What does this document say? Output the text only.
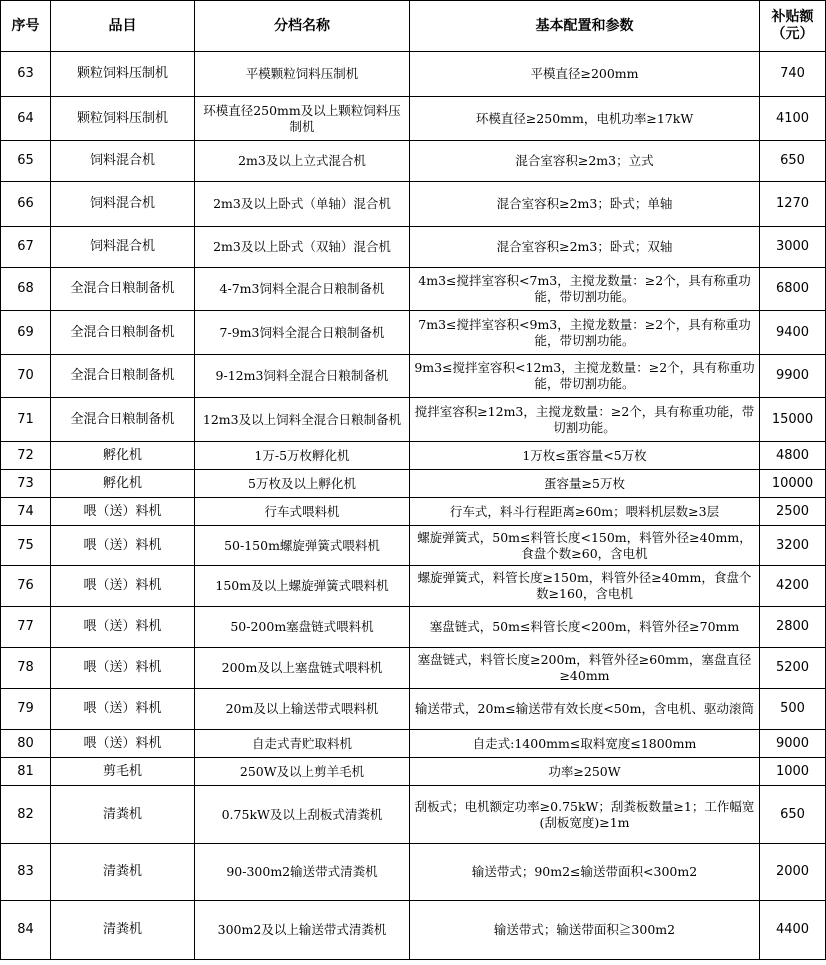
序号	品目	分档名称	基本配置和参数	补贴额（元）
63	颗粒饲料压制机	平模颗粒饲料压制机	平模直径≥200mm	740
64	颗粒饲料压制机	环模直径250mm及以上颗粒饲料压制机	环模直径≥250mm，电机功率≥17kW	4100
65	饲料混合机	2m3及以上立式混合机	混合室容积≥2m3；立式	650
66	饲料混合机	2m3及以上卧式（单轴）混合机	混合室容积≥2m3；卧式；单轴	1270
67	饲料混合机	2m3及以上卧式（双轴）混合机	混合室容积≥2m3；卧式；双轴	3000
68	全混合日粮制备机	4-7m3饲料全混合日粮制备机	4m3≤搅拌室容积<7m3，主搅龙数量：≥2个，具有称重功能，带切割功能。	6800
69	全混合日粮制备机	7-9m3饲料全混合日粮制备机	7m3≤搅拌室容积<9m3，主搅龙数量：≥2个，具有称重功能，带切割功能。	9400
70	全混合日粮制备机	9-12m3饲料全混合日粮制备机	9m3≤搅拌室容积<12m3，主搅龙数量：≥2个，具有称重功能，带切割功能。	9900
71	全混合日粮制备机	12m3及以上饲料全混合日粮制备机	搅拌室容积≥12m3，主搅龙数量：≥2个，具有称重功能，带切割功能。	15000
72	孵化机	1万-5万枚孵化机	1万枚≤蛋容量<5万枚	4800
73	孵化机	5万枚及以上孵化机	蛋容量≥5万枚	10000
74	喂（送）料机	行车式喂料机	行车式，料斗行程距离≥60m；喂料机层数≥3层	2500
75	喂（送）料机	50-150m螺旋弹簧式喂料机	螺旋弹簧式，50m≤料管长度<150m，料管外径≥40mm，食盘个数≥60，含电机	3200
76	喂（送）料机	150m及以上螺旋弹簧式喂料机	螺旋弹簧式，料管长度≥150m，料管外径≥40mm，食盘个数≥160，含电机	4200
77	喂（送）料机	50-200m塞盘链式喂料机	塞盘链式，50m≤料管长度<200m，料管外径≥70mm	2800
78	喂（送）料机	200m及以上塞盘链式喂料机	塞盘链式，料管长度≥200m，料管外径≥60mm，塞盘直径≥40mm	5200
79	喂（送）料机	20m及以上输送带式喂料机	输送带式，20m≤输送带有效长度<50m，含电机、驱动滚筒	500
80	喂（送）料机	自走式青贮取料机	自走式:1400mm≤取料宽度≤1800mm	9000
81	剪毛机	250W及以上剪羊毛机	功率≥250W	1000
82	清粪机	0.75kW及以上刮板式清粪机	刮板式；电机额定功率≥0.75kW；刮粪板数量≥1；工作幅宽(刮板宽度)≥1m	650
83	清粪机	90-300m2输送带式清粪机	输送带式；90m2≤输送带面积<300m2	2000
84	清粪机	300m2及以上输送带式清粪机	输送带式；输送带面积≧300m2	4400
